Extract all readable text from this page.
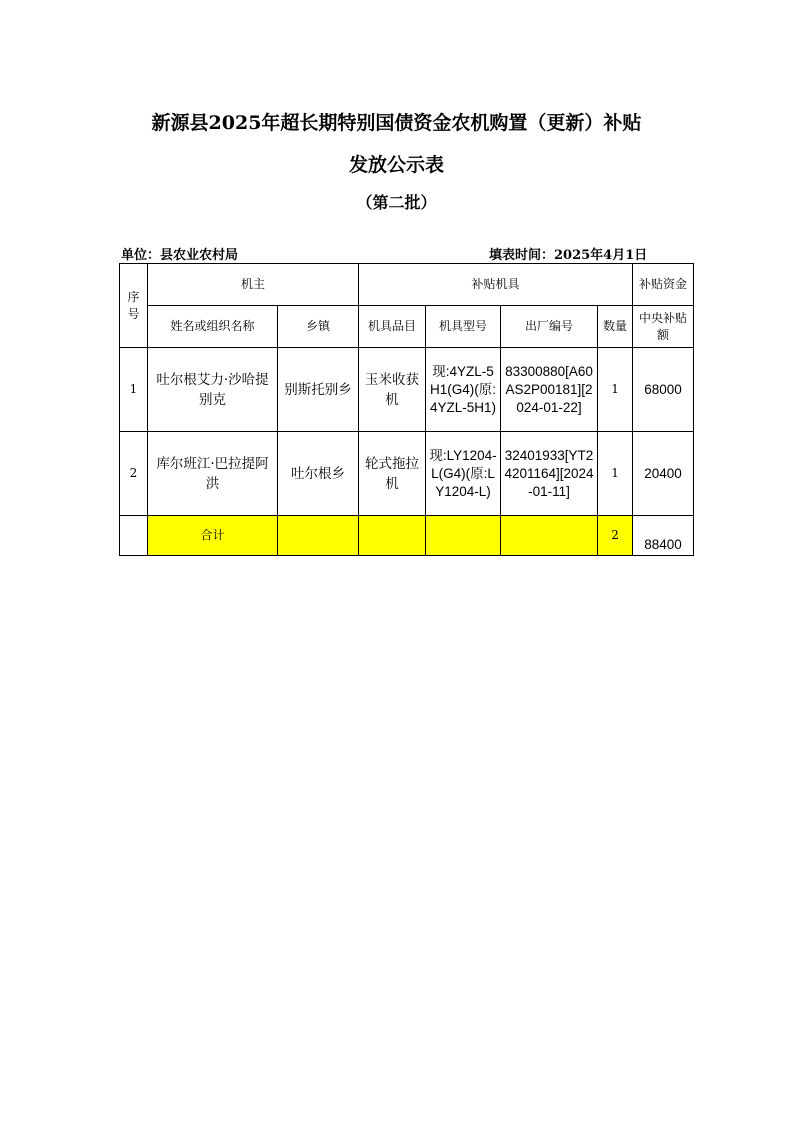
新源县2025年超长期特别国债资金农机购置（更新）补贴
发放公示表
（第二批）
单位：县农业农村局	填表时间：2025年4月1日
序号	机主		补贴机具				补贴资金
	姓名或组织名称	乡镇	机具品目	机具型号	出厂编号	数量	中央补贴额
1	吐尔根艾力·沙哈提别克	别斯托别乡	玉米收获机	现:4YZL-5H1(G4)(原:4YZL-5H1)	83300880[A60AS2P00181][2024-01-22]	1	68000
2	库尔班江·巴拉提阿洪	吐尔根乡	轮式拖拉机	现:LY1204-L(G4)(原:LY1204-L)	32401933[YT24201164][2024-01-11]	1	20400
	合计					2	88400
